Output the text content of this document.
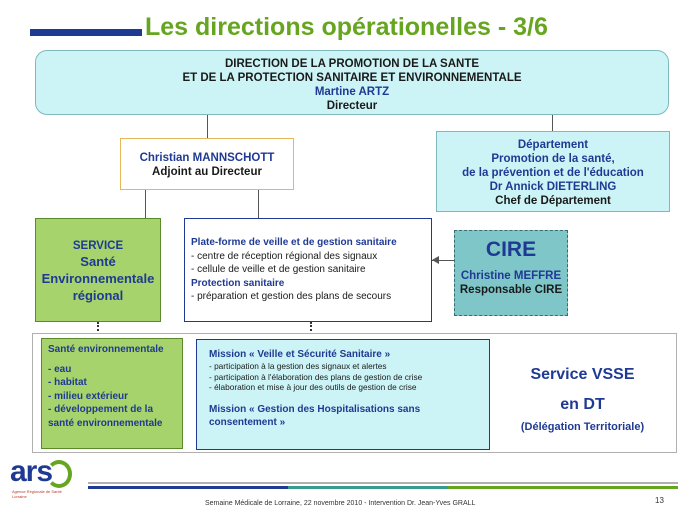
Les directions opérationelles - 3/6
DIRECTION DE LA PROMOTION DE LA SANTE
ET DE LA PROTECTION SANITAIRE ET ENVIRONNEMENTALE
Martine ARTZ
Directeur
Christian MANNSCHOTT
Adjoint au Directeur
Département
Promotion de la santé,
de la prévention et de l'éducation
Dr Annick DIETERLING
Chef de Département
SERVICE
Santé
Environnementale
régional
Plate-forme de veille et de gestion sanitaire
- centre de réception régional des signaux
- cellule de veille et de gestion sanitaire
Protection sanitaire
- préparation et gestion des plans de secours
CIRE
Christine MEFFRE
Responsable CIRE
Santé environnementale
- eau
- habitat
- milieu extérieur
- développement de la
santé environnementale
Mission « Veille et Sécurité Sanitaire »
- participation à la gestion des signaux et alertes
- participation à l'élaboration des plans de gestion de crise
- élaboration et mise à jour des outils de gestion de crise
Mission « Gestion des Hospitalisations sans
consentement »
Service VSSE
en DT
(Délégation Territoriale)
ars
Agence Régionale de Santé
Lorraine
Semaine Médicale de Lorraine, 22 novembre 2010 - Intervention Dr. Jean-Yves GRALL	13
